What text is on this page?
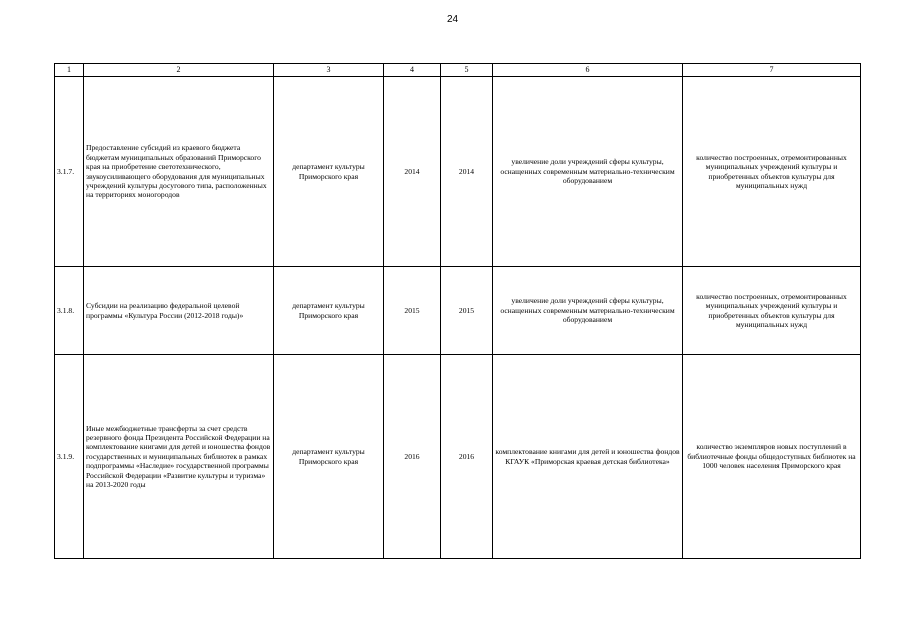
24
1	2	3	4	5	6	7
3.1.7.	Предоставление субсидий из краевого бюджета бюджетам муниципальных образований Приморского края на приобретение светотехнического, звукоусиливающего оборудования для муниципальных учреждений культуры досугового типа, расположенных на территориях моногородов	департамент культуры Приморского края	2014	2014	увеличение доли учреждений сферы культуры, оснащенных современным материально-техническим оборудованием	количество построенных, отремонтированных муниципальных учреждений культуры и приобретенных объектов культуры для муниципальных нужд
3.1.8.	Субсидии на реализацию федеральной целевой программы «Культура России (2012-2018 годы)»	департамент культуры Приморского края	2015	2015	увеличение доли учреждений сферы культуры, оснащенных современным материально-техническим оборудованием	количество построенных, отремонтированных муниципальных учреждений культуры и приобретенных объектов культуры для муниципальных нужд
3.1.9.	Иные межбюджетные трансферты за счет средств резервного фонда Президента Российской Федерации на комплектование книгами для детей и юношества фондов государственных и муниципальных библиотек в рамках подпрограммы «Наследие» государственной программы Российской Федерации «Развитие культуры и туризма» на 2013-2020 годы	департамент культуры Приморского края	2016	2016	комплектование книгами для детей и юношества фондов КГАУК «Приморская краевая детская библиотека»	количество экземпляров новых поступлений в библиотечные фонды общедоступных библиотек на 1000 человек населения Приморского края
